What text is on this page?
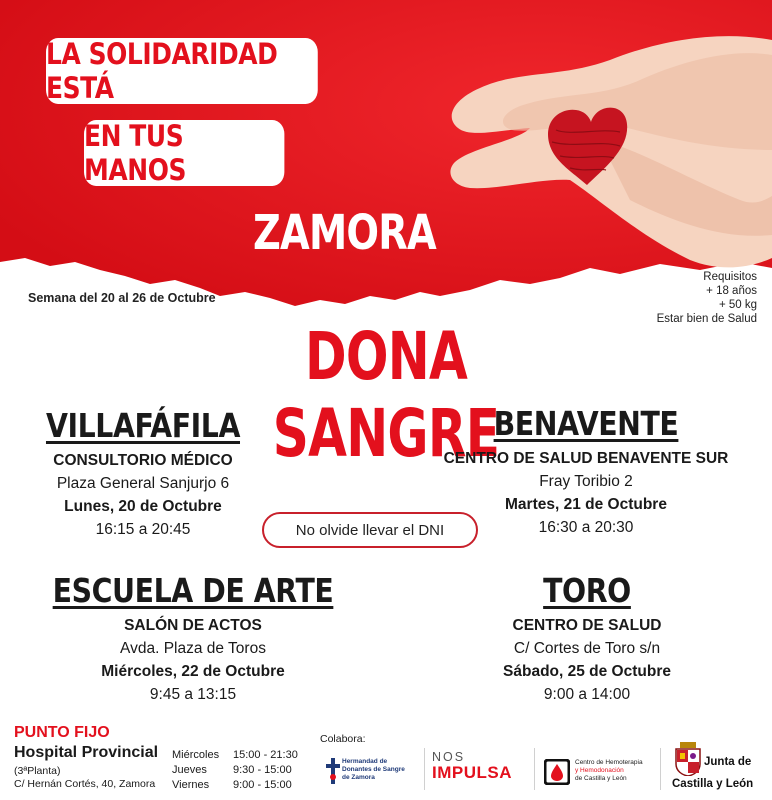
LA SOLIDARIDAD ESTÁ
EN TUS MANOS
ZAMORA
Semana del 20 al 26 de Octubre
Requisitos
+ 18 años
+ 50 kg
Estar bien de Salud
DONA SANGRE
VILLAFÁFILA
CONSULTORIO MÉDICO
Plaza General Sanjurjo 6
Lunes, 20 de Octubre
16:15 a 20:45
BENAVENTE
CENTRO DE SALUD BENAVENTE SUR
Fray Toribio 2
Martes, 21 de Octubre
16:30 a 20:30
No olvide llevar el DNI
ESCUELA DE ARTE
SALÓN DE ACTOS
Avda. Plaza de Toros
Miércoles, 22 de Octubre
9:45 a 13:15
TORO
CENTRO DE SALUD
C/ Cortes de Toro s/n
Sábado, 25 de Octubre
9:00 a 14:00
PUNTO FIJO
Hospital Provincial
(3ªPlanta)
C/ Hernán Cortés, 40, Zamora
Miércoles	15:00 - 21:30
Jueves	9:30 - 15:00
Viernes	9:00 - 15:00
Colabora:
Hermandad de
Donantes de Sangre
de Zamora
NOS
IMPULSA
Centro de Hemoterapia
y Hemodonación
de Castilla y León
Junta de
Castilla y León
